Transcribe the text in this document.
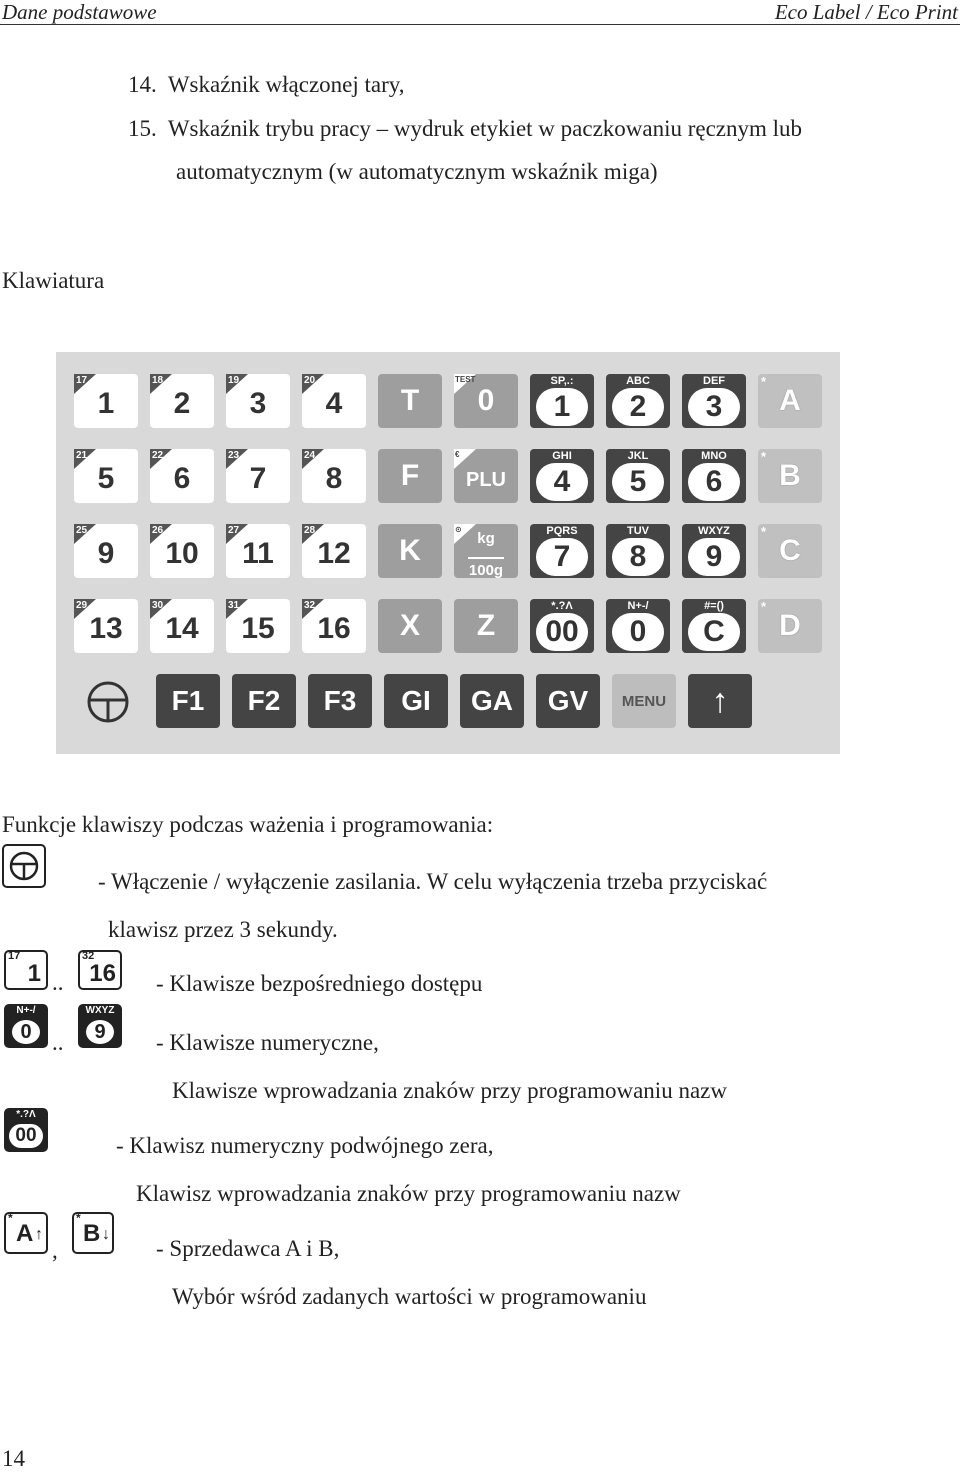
Dane podstawowe	Eco Label / Eco Print
14. Wskaźnik włączonej tary,
15. Wskaźnik trybu pracy – wydruk etykiet w paczkowaniu ręcznym lub
automatycznym (w automatycznym wskaźnik miga)
Klawiatura
17
1
18
2
19
3
20
4 T 0
TEST	SP,.:
1
ABC
2
DEF
3
*
A
21
5
22
6
23
7
24
8 F PLU
€	GHI
4
JKL
5
MNO
6
*
B
25
9
26
10
27
11
28
12 K	kg

100g
⊙	PQRS
7
TUV
8
WXYZ
9
*
C
29
13
30
14
31
15
32
16 X Z
*.?Λ
00
N+-/
0
#=()
C
*
D
F1 F2 F3 GI GA GV MENU ↑
Funkcje klawiszy podczas ważenia i programowania:
- Włączenie / wyłączenie zasilania. W celu wyłączenia trzeba przyciskać
klawisz przez 3 sekundy.
17
1 ..
32
16 - Klawisze bezpośredniego dostępu
N+-/
0 ..
WXYZ
9	- Klawisze numeryczne,
Klawisze wprowadzania znaków przy programowaniu nazw
*.?Λ
00	- Klawisz numeryczny podwójnego zera,
Klawisz wprowadzania znaków przy programowaniu nazw
*
A ↑
,
*
B ↓
- Sprzedawca A i B,
Wybór wśród zadanych wartości w programowaniu
14
